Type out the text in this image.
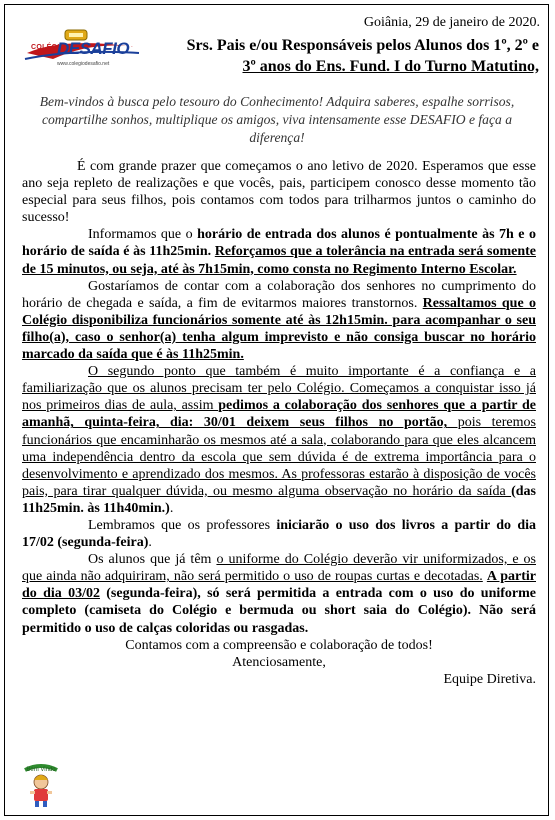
COLÉGIO
DESAFIO
www.colegiodesafio.net
Goiânia, 29 de janeiro de 2020.
Srs. Pais e/ou Responsáveis pelos Alunos dos 1º, 2º e
3º anos do Ens. Fund. I do Turno Matutino,
Bem-vindos à busca pelo tesouro do Conhecimento! Adquira saberes, espalhe sorrisos, compartilhe sonhos, multiplique os amigos, viva intensamente esse DESAFIO e faça a diferença!

É com grande prazer que começamos o ano letivo de 2020. Esperamos que esse ano seja repleto de realizações e que vocês, pais, participem conosco desse momento tão especial para seus filhos, pois contamos com todos para trilharmos juntos o caminho do sucesso!

Informamos que o horário de entrada dos alunos é pontualmente às 7h e o horário de saída é às 11h25min. Reforçamos que a tolerância na entrada será somente de 15 minutos, ou seja, até às 7h15min, como consta no Regimento Interno Escolar.

Gostaríamos de contar com a colaboração dos senhores no cumprimento do horário de chegada e saída, a fim de evitarmos maiores transtornos. Ressaltamos que o Colégio disponibiliza funcionários somente até às 12h15min. para acompanhar o seu filho(a), caso o senhor(a) tenha algum imprevisto e não consiga buscar no horário marcado da saída que é às 11h25min.

O segundo ponto que também é muito importante é a confiança e a familiarização que os alunos precisam ter pelo Colégio. Começamos a conquistar isso já nos primeiros dias de aula, assim pedimos a colaboração dos senhores que a partir de amanhã, quinta-feira, dia: 30/01 deixem seus filhos no portão, pois teremos funcionários que encaminharão os mesmos até a sala, colaborando para que eles alcancem uma independência dentro da escola que sem dúvida é de extrema importância para o desenvolvimento e aprendizado dos mesmos. As professoras estarão à disposição de vocês pais, para tirar qualquer dúvida, ou mesmo alguma observação no horário da saída (das 11h25min. às 11h40min.).

Lembramos que os professores iniciarão o uso dos livros a partir do dia 17/02 (segunda-feira).

Os alunos que já têm o uniforme do Colégio deverão vir uniformizados, e os que ainda não adquiriram, não será permitido o uso de roupas curtas e decotadas. A partir do dia 03/02 (segunda-feira), só será permitida a entrada com o uso do uniforme completo (camiseta do Colégio e bermuda ou short saia do Colégio). Não será permitido o uso de calças coloridas ou rasgadas.

Contamos com a compreensão e colaboração de todos!

Atenciosamente,

Equipe Diretiva.

Bem Vindo
